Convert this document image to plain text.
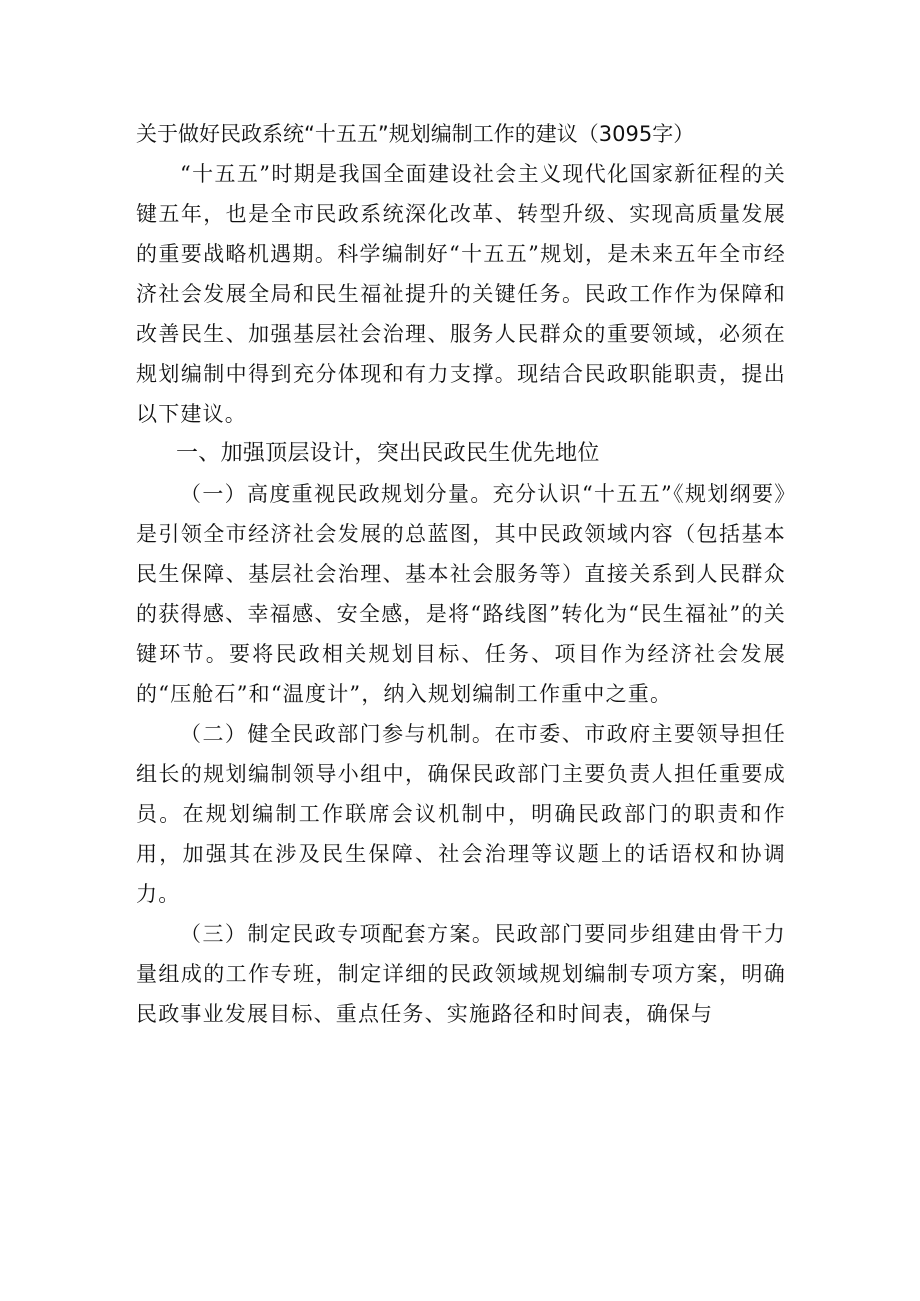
关于做好民政系统“十五五”规划编制工作的建议（3095字）

“十五五”时期是我国全面建设社会主义现代化国家新征程的关键五年，也是全市民政系统深化改革、转型升级、实现高质量发展的重要战略机遇期。科学编制好“十五五”规划，是未来五年全市经济社会发展全局和民生福祉提升的关键任务。民政工作作为保障和改善民生、加强基层社会治理、服务人民群众的重要领域，必须在规划编制中得到充分体现和有力支撑。现结合民政职能职责，提出以下建议。

一、加强顶层设计，突出民政民生优先地位

（一）高度重视民政规划分量。充分认识“十五五”《规划纲要》是引领全市经济社会发展的总蓝图，其中民政领域内容（包括基本民生保障、基层社会治理、基本社会服务等）直接关系到人民群众的获得感、幸福感、安全感，是将“路线图”转化为“民生福祉”的关键环节。要将民政相关规划目标、任务、项目作为经济社会发展的“压舱石”和“温度计”，纳入规划编制工作重中之重。

（二）健全民政部门参与机制。在市委、市政府主要领导担任组长的规划编制领导小组中，确保民政部门主要负责人担任重要成员。在规划编制工作联席会议机制中，明确民政部门的职责和作用，加强其在涉及民生保障、社会治理等议题上的话语权和协调力。

（三）制定民政专项配套方案。民政部门要同步组建由骨干力量组成的工作专班，制定详细的民政领域规划编制专项方案，明确民政事业发展目标、重点任务、实施路径和时间表，确保与
